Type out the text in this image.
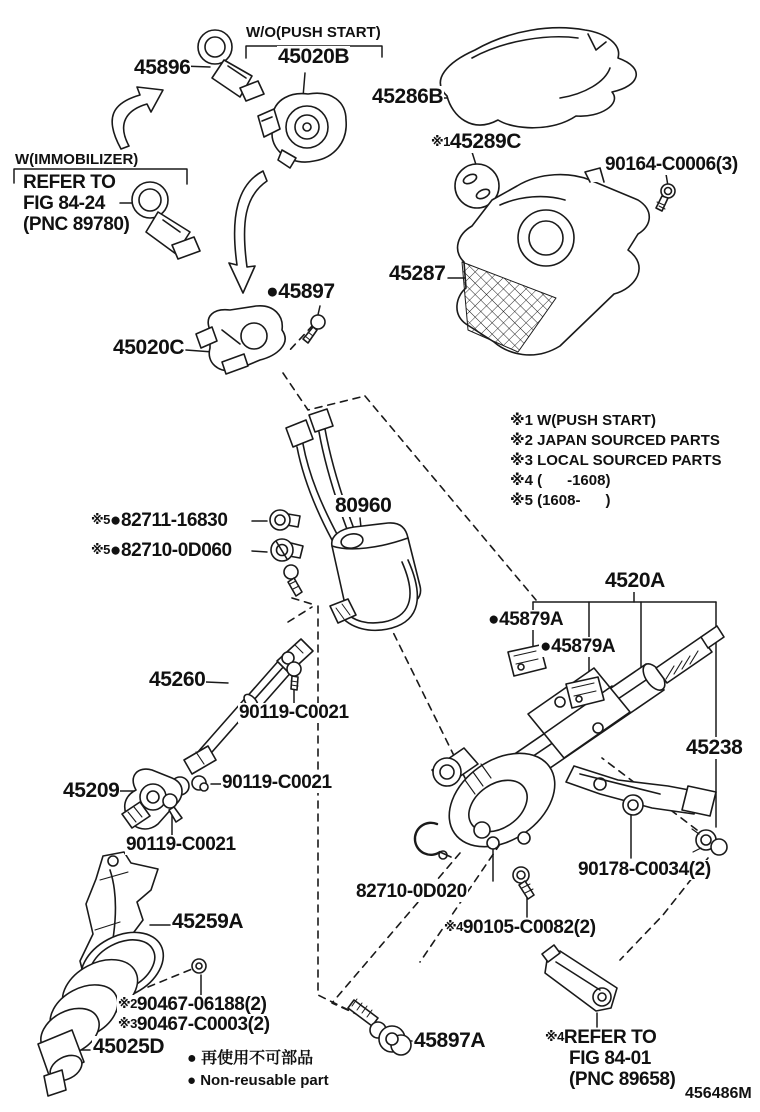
W/O(PUSH START)
45020B
45896
45286B
※145289C
90164-C0006(3)
W(IMMOBILIZER)
REFER TO
FIG 84-24
(PNC 89780)
45287
●45897
45020C
※1 W(PUSH START)
※2 JAPAN SOURCED PARTS
※3 LOCAL SOURCED PARTS
※4 (      -1608)
※5 (1608-      )
※5●82711-16830
※5●82710-0D060
80960
4520A
●45879A
●45879A
45260
90119-C0021
90119-C0021
90119-C0021
45209
45238
90178-C0034(2)
82710-0D020
45259A	※490105-C0082(2)
※290467-06188(2)
※390467-C0003(2)
45025D	45897A	※4REFER TO
FIG 84-01
(PNC 89658)
● 再使用不可部品
● Non-reusable part
456486M
